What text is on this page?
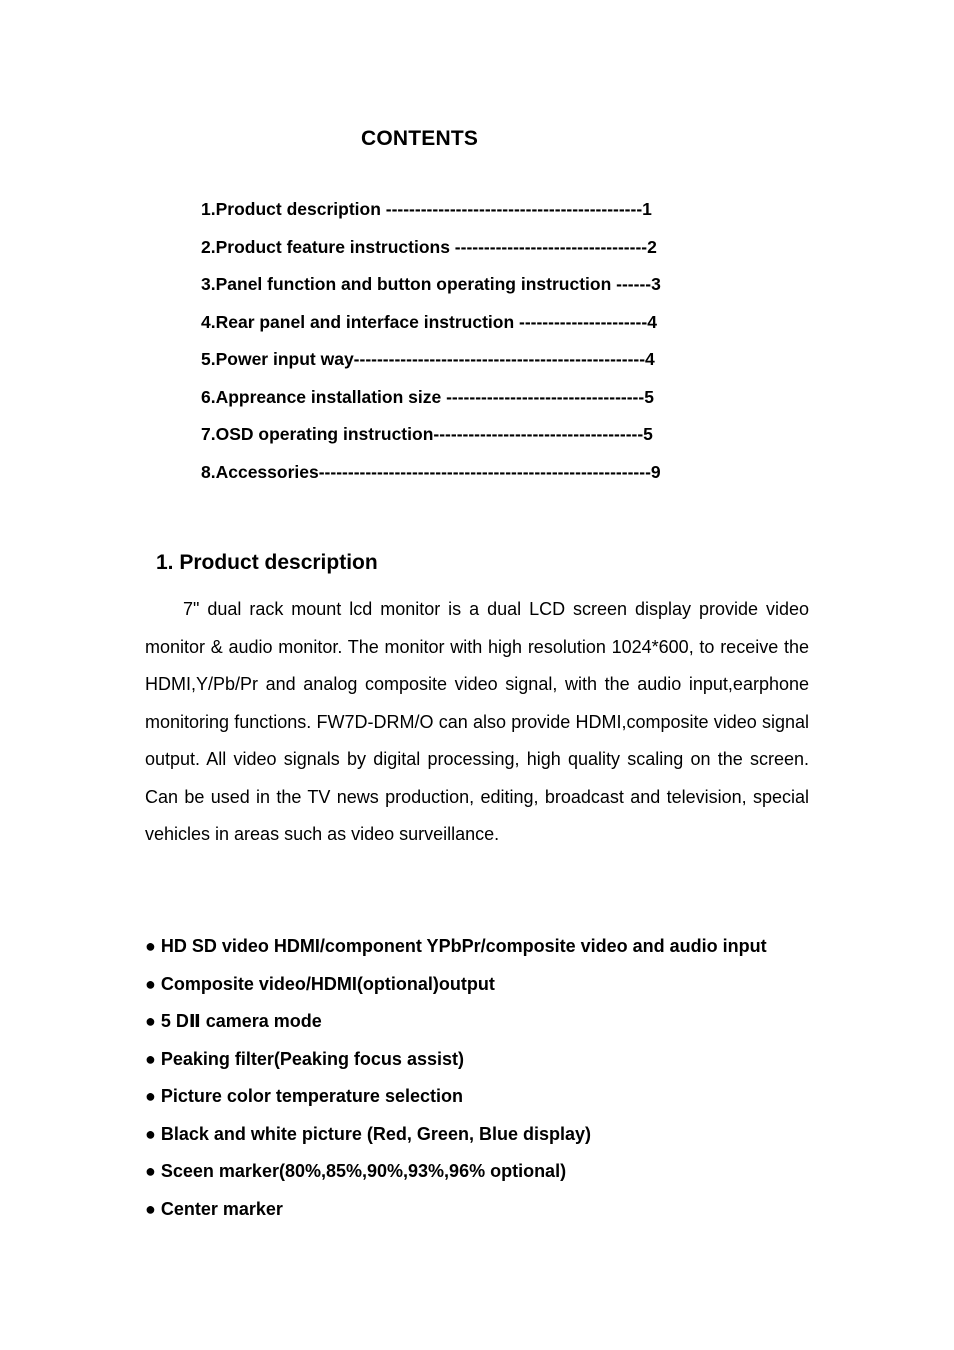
CONTENTS
1.Product description --------------------------------------------1
2.Product feature instructions ---------------------------------2
3.Panel function and button operating instruction ------3
4.Rear panel and interface instruction ----------------------4
5.Power input way--------------------------------------------------4
6.Appreance installation size ----------------------------------5
7.OSD operating instruction------------------------------------5
8.Accessories---------------------------------------------------------9
1. Product description

7" dual rack mount lcd monitor is a dual LCD screen display provide video monitor & audio monitor. The monitor with high resolution 1024*600, to receive the HDMI,Y/Pb/Pr and analog composite video signal, with the audio input,earphone monitoring functions. FW7D-DRM/O can also provide HDMI,composite video signal output. All video signals by digital processing, high quality scaling on the screen. Can be used in the TV news production, editing, broadcast and television, special vehicles in areas such as video surveillance.

● HD SD video HDMI/component YPbPr/composite video and audio input
● Composite video/HDMI(optional)output
● 5 DⅡ camera mode
● Peaking filter(Peaking focus assist)
● Picture color temperature selection
● Black and white picture (Red, Green, Blue display)
● Sceen marker(80%,85%,90%,93%,96% optional)
● Center marker
